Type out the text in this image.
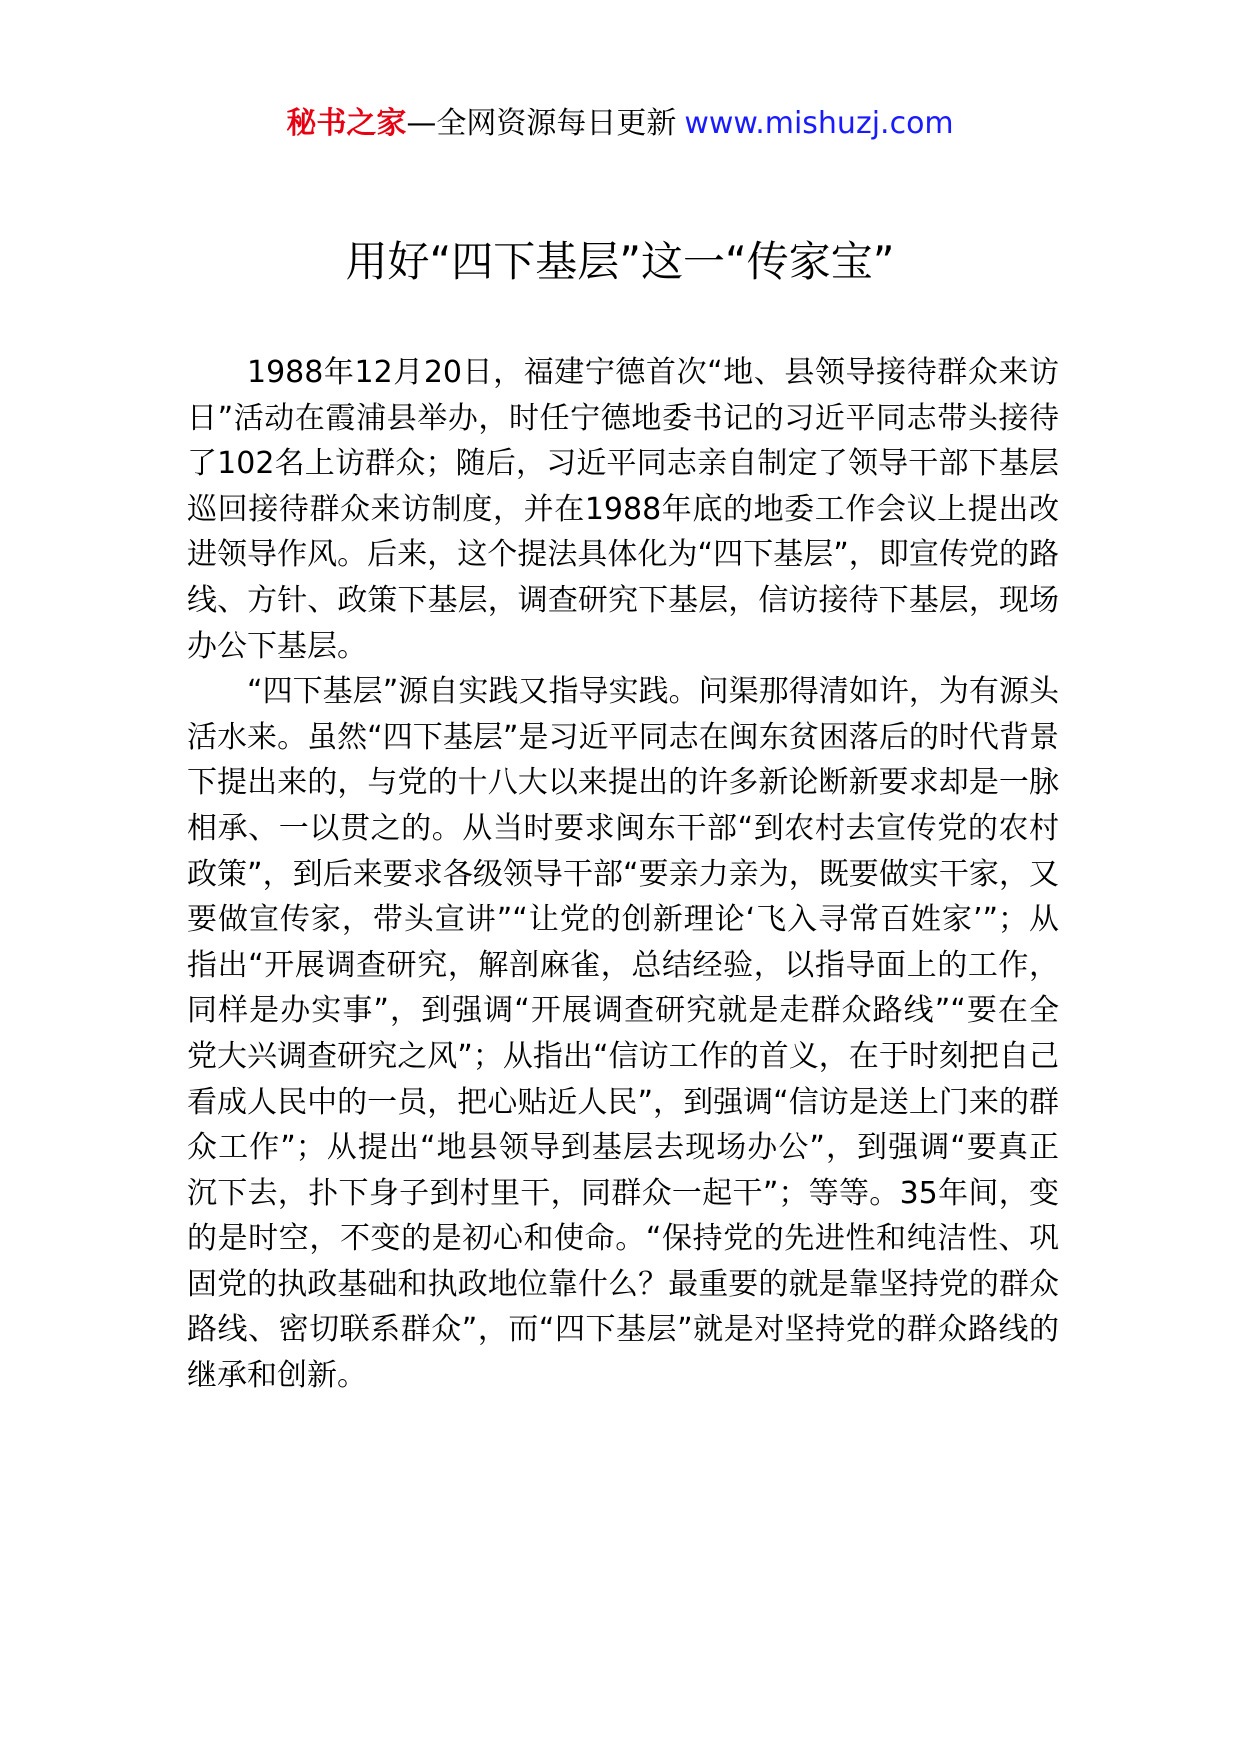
秘书之家—全网资源每日更新 www.mishuzj.com
用好“四下基层”这一“传家宝”

1988年12月20日，福建宁德首次“地、县领导接待群众来访日”活动在霞浦县举办，时任宁德地委书记的习近平同志带头接待了102名上访群众；随后，习近平同志亲自制定了领导干部下基层巡回接待群众来访制度，并在1988年底的地委工作会议上提出改进领导作风。后来，这个提法具体化为“四下基层”，即宣传党的路线、方针、政策下基层，调查研究下基层，信访接待下基层，现场办公下基层。

“四下基层”源自实践又指导实践。问渠那得清如许，为有源头活水来。虽然“四下基层”是习近平同志在闽东贫困落后的时代背景下提出来的，与党的十八大以来提出的许多新论断新要求却是一脉相承、一以贯之的。从当时要求闽东干部“到农村去宣传党的农村政策”，到后来要求各级领导干部“要亲力亲为，既要做实干家，又要做宣传家，带头宣讲”“让党的创新理论‘飞入寻常百姓家’”；从指出“开展调查研究，解剖麻雀，总结经验，以指导面上的工作，同样是办实事”，到强调“开展调查研究就是走群众路线”“要在全党大兴调查研究之风”；从指出“信访工作的首义，在于时刻把自己看成人民中的一员，把心贴近人民”，到强调“信访是送上门来的群众工作”；从提出“地县领导到基层去现场办公”，到强调“要真正沉下去，扑下身子到村里干，同群众一起干”；等等。35年间，变的是时空，不变的是初心和使命。“保持党的先进性和纯洁性、巩固党的执政基础和执政地位靠什么？最重要的就是靠坚持党的群众路线、密切联系群众”，而“四下基层”就是对坚持党的群众路线的继承和创新。
